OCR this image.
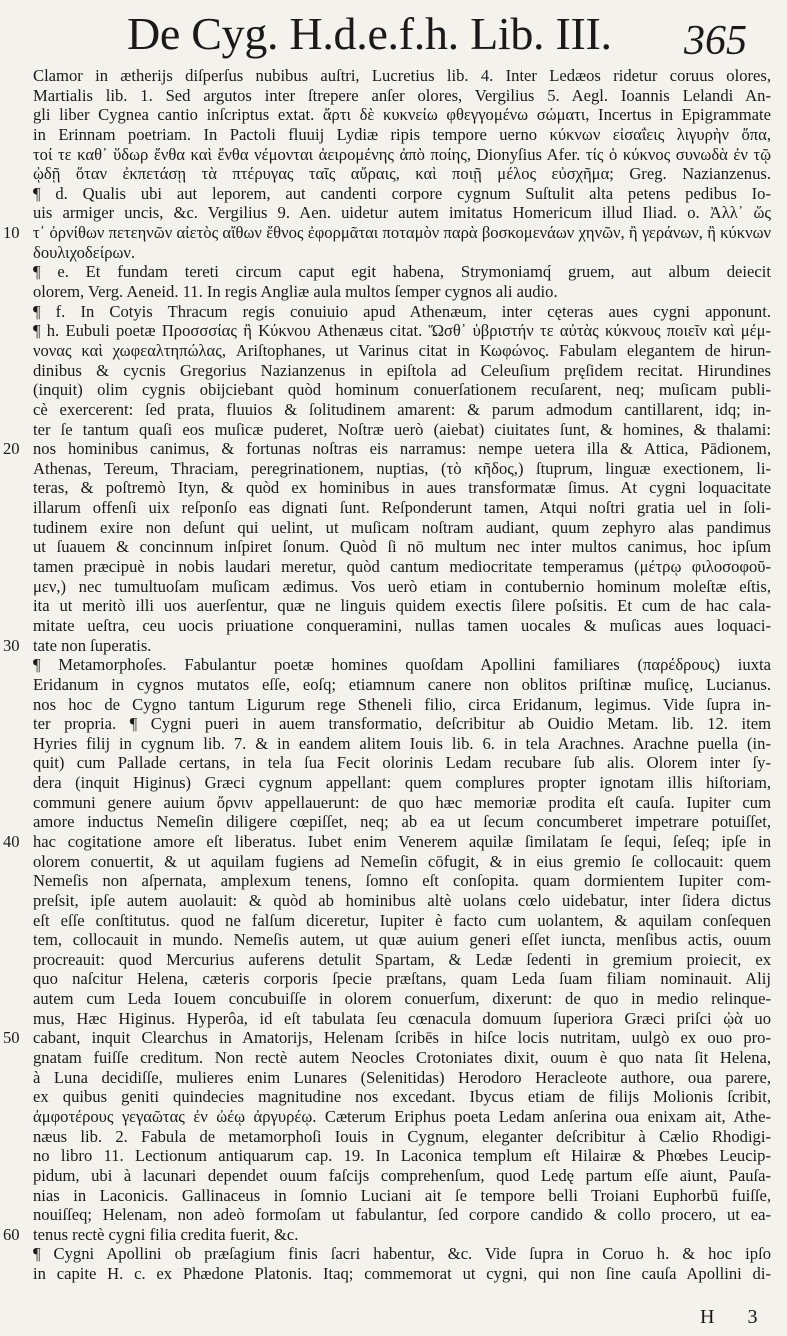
De Cyg. H.d.e.f.h. Lib. III.	365
Clamor in ætherijs diſperſus nubibus auſtri, Lucretius lib. 4. Inter Ledæos ridetur coruus olores,
Martialis lib. 1. Sed argutos inter ſtrepere anſer olores, Vergilius 5. Aegl. Ioannis Lelandi An-
gli liber Cygnea cantio inſcriptus extat. ἄρτι δὲ κυκνείω φθεγγομένω σώματι, Incertus in Epigrammate
in Erinnam poetriam. In Pactoli fluuij Lydiæ ripis tempore uerno κύκνων εἰσαΐεις λιγυρὴν ὄπα,
τοί τε καθ᾽ ὕδωρ ἔνθα καὶ ἔνθα νέμονται ἀειρομένης ἀπὸ ποίης, Dionyſius Afer. τίς ὁ κύκνος συνωδὰ ἐν τῷ
ᾠδῇ ὅταν ἐκπετάσῃ τὰ πτέρυγας ταῖς αὔραις, καὶ ποιῇ μέλος εὐσχῆμα; Greg. Nazianzenus.
¶ d. Qualis ubi aut leporem, aut candenti corpore cygnum Suſtulit alta petens pedibus Io-
uis armiger uncis, &c. Vergilius 9. Aen. uidetur autem imitatus Homericum illud Iliad. ο. Ἀλλ᾽ ὥς
10 τ᾽ ὀρνίθων πετεηνῶν αἰετὸς αἴθων ἔθνος ἐφορμᾶται ποταμὸν παρὰ βοσκομενάων χηνῶν, ἢ γεράνων, ἢ κύκνων
δουλιχοδείρων.
¶ e. Et fundam tereti circum caput egit habena, Strymoniamq́ gruem, aut album deiecit
olorem, Verg. Aeneid. 11. In regis Angliæ aula multos ſemper cygnos ali audio.
¶ f. In Cotyis Thracum regis conuiuio apud Athenæum, inter cęteras aues cygni apponunt.
¶ h. Eubuli poetæ Προσσσίας ἢ Κύκνου Athenæus citat. Ὥσθ᾽ ὑβριστήν τε αὐτὰς κύκνους ποιεῖν καὶ μέμ-
νονας καὶ χωφεαλτηπώλας, Ariſtophanes, ut Varinus citat in Κωφώνος. Fabulam elegantem de hirun-
dinibus & cycnis Gregorius Nazianzenus in epiſtola ad Celeuſium pręſidem recitat. Hirundines
(inquit) olim cygnis obijciebant quòd hominum conuerſationem recuſarent, neq; muſicam publi-
cè exercerent: ſed prata, fluuios & ſolitudinem amarent: & parum admodum cantillarent, idq; in-
ter ſe tantum quaſi eos muſicæ puderet, Noſtræ uerò (aiebat) ciuitates ſunt, & homines, & thalami:
20 nos hominibus canimus, & fortunas noſtras eis narramus: nempe uetera illa & Attica, Pādionem,
Athenas, Tereum, Thraciam, peregrinationem, nuptias, (τὸ κῆδος,) ſtuprum, linguæ exectionem, li-
teras, & poſtremò Ityn, & quòd ex hominibus in aues transformatæ ſimus. At cygni loquacitate
illarum offenſi uix reſponſo eas dignati ſunt. Reſponderunt tamen, Atqui noſtri gratia uel in ſoli-
tudinem exire non deſunt qui uelint, ut muſicam noſtram audiant, quum zephyro alas pandimus
ut ſuauem & concinnum inſpiret ſonum. Quòd ſi nō multum nec inter multos canimus, hoc ipſum
tamen præcipuè in nobis laudari meretur, quòd cantum mediocritate temperamus (μέτρῳ φιλοσοφοῦ-
μεν,) nec tumultuoſam muſicam ædimus. Vos uerò etiam in contubernio hominum moleſtæ eſtis,
ita ut meritò illi uos auerſentur, quæ ne linguis quidem exectis ſilere poſsitis. Et cum de hac cala-
mitate ueſtra, ceu uocis priuatione conqueramini, nullas tamen uocales & muſicas aues loquaci-
30 tate non ſuperatis.
¶ Metamorphoſes. Fabulantur poetæ homines quoſdam Apollini familiares (παρέδρους) iuxta
Eridanum in cygnos mutatos eſſe, eoſq; etiamnum canere non oblitos priſtinæ muſicę, Lucianus.
nos hoc de Cygno tantum Ligurum rege Stheneli filio, circa Eridanum, legimus. Vide ſupra in-
ter propria. ¶ Cygni pueri in auem transformatio, deſcribitur ab Ouidio Metam. lib. 12. item
Hyries filij in cygnum lib. 7. & in eandem alitem Iouis lib. 6. in tela Arachnes. Arachne puella (in-
quit) cum Pallade certans, in tela ſua Fecit olorinis Ledam recubare ſub alis. Olorem inter ſy-
dera (inquit Higinus) Græci cygnum appellant: quem complures propter ignotam illis hiſtoriam,
communi genere auium ὄρνιν appellauerunt: de quo hæc memoriæ prodita eſt cauſa. Iupiter cum
amore inductus Nemeſin diligere cœpiſſet, neq; ab ea ut ſecum concumberet impetrare potuiſſet,
40 hac cogitatione amore eſt liberatus. Iubet enim Venerem aquilæ ſimilatam ſe ſequi, ſeſeq; ipſe in
olorem conuertit, & ut aquilam fugiens ad Nemeſin cōfugit, & in eius gremio ſe collocauit: quem
Nemeſis non aſpernata, amplexum tenens, ſomno eſt conſopita. quam dormientem Iupiter com-
preſsit, ipſe autem auolauit: & quòd ab hominibus altè uolans cœlo uidebatur, inter ſidera dictus
eſt eſſe conſtitutus. quod ne falſum diceretur, Iupiter è facto cum uolantem, & aquilam conſequen
tem, collocauit in mundo. Nemeſis autem, ut quæ auium generi eſſet iuncta, menſibus actis, ouum
procreauit: quod Mercurius auferens detulit Spartam, & Ledæ ſedenti in gremium proiecit, ex
quo naſcitur Helena, cæteris corporis ſpecie præſtans, quam Leda ſuam filiam nominauit. Alij
autem cum Leda Iouem concubuiſſe in olorem conuerſum, dixerunt: de quo in medio relinque-
mus, Hæc Higinus. Hyperôa, id eſt tabulata ſeu cœnacula domuum ſuperiora Græci priſci ᾠὰ uo
50 cabant, inquit Clearchus in Amatorijs, Helenam ſcribēs in hiſce locis nutritam, uulgò ex ouo pro-
gnatam fuiſſe creditum. Non rectè autem Neocles Crotoniates dixit, ouum è quo nata ſit Helena,
à Luna decidiſſe, mulieres enim Lunares (Selenitidas) Herodoro Heracleote authore, oua parere,
ex quibus geniti quindecies magnitudine nos excedant. Ibycus etiam de filijs Molionis ſcribit,
ἀμφοτέρους γεγαῶτας ἐν ὠέῳ ἀργυρέῳ. Cæterum Eriphus poeta Ledam anſerina oua enixam ait, Athe-
næus lib. 2. Fabula de metamorphoſi Iouis in Cygnum, eleganter deſcribitur à Cælio Rhodigi-
no libro 11. Lectionum antiquarum cap. 19. In Laconica templum eſt Hilairæ & Phœbes Leucip-
pidum, ubi à lacunari dependet ouum faſcijs comprehenſum, quod Ledę partum eſſe aiunt, Pauſa-
nias in Laconicis. Gallinaceus in ſomnio Luciani ait ſe tempore belli Troiani Euphorbū fuiſſe,
nouiſſeq; Helenam, non adeò formoſam ut fabulantur, ſed corpore candido & collo procero, ut ea-
60 tenus rectè cygni filia credita fuerit, &c.
¶ Cygni Apollini ob præſagium finis ſacri habentur, &c. Vide ſupra in Coruo h. & hoc ipſo
in capite H. c. ex Phædone Platonis. Itaq; commemorat ut cygni, qui non ſine cauſa Apollini di-
H 3
